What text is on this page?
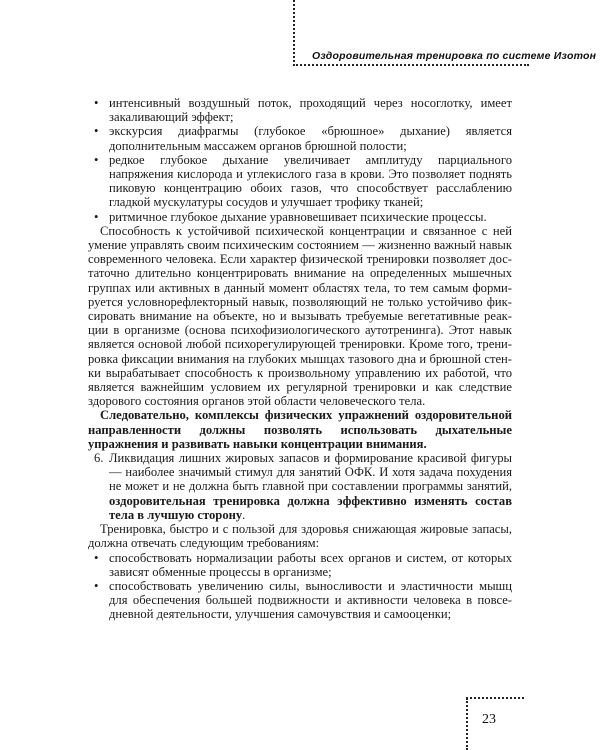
Оздоровительная тренировка по системе Изотон

• интенсивный воздушный поток, проходящий через носоглотку, имеет закаливающий эффект;

• экскурсия диафрагмы (глубокое «брюшное» дыхание) является дополнительным массажем органов брюшной полости;

• редкое глубокое дыхание увеличивает амплитуду парциального напряжения кислорода и углекислого газа в крови. Это позволяет поднять пиковую концентрацию обоих газов, что способствует расслаблению гладкой мускулатуры сосудов и улучшает трофику тканей;

• ритмичное глубокое дыхание уравновешивает психические процессы.

Способность к устойчивой психической концентрации и связанное с ней умение управлять своим психическим состоянием — жизненно важный навык современного человека. Если характер физической тренировки позволяет достаточно длительно концентрировать внимание на определенных мышечных группах или активных в данный момент областях тела, то тем самым формируется условнорефлекторный навык, позволяющий не только устойчиво фиксировать внимание на объекте, но и вызывать требуемые вегетативные реакции в организме (основа психофизиологического аутотренинга). Этот навык является основой любой психорегулирующей тренировки. Кроме того, тренировка фиксации внимания на глубоких мышцах тазового дна и брюшной стенки вырабатывает способность к произвольному управлению их работой, что является важнейшим условием их регулярной тренировки и как следствие здорового состояния органов этой области человеческого тела.

Следовательно, комплексы физических упражнений оздоровительной направленности должны позволять использовать дыхательные упражнения и развивать навыки концентрации внимания.

6. Ликвидация лишних жировых запасов и формирование красивой фигуры — наиболее значимый стимул для занятий ОФК. И хотя задача похудения не может и не должна быть главной при составлении программы занятий, оздоровительная тренировка должна эффективно изменять состав тела в лучшую сторону.

Тренировка, быстро и с пользой для здоровья снижающая жировые запасы, должна отвечать следующим требованиям:

• способствовать нормализации работы всех органов и систем, от которых зависят обменные процессы в организме;

• способствовать увеличению силы, выносливости и эластичности мышц для обеспечения большей подвижности и активности человека в повседневной деятельности, улучшения самочувствия и самооценки;

23
